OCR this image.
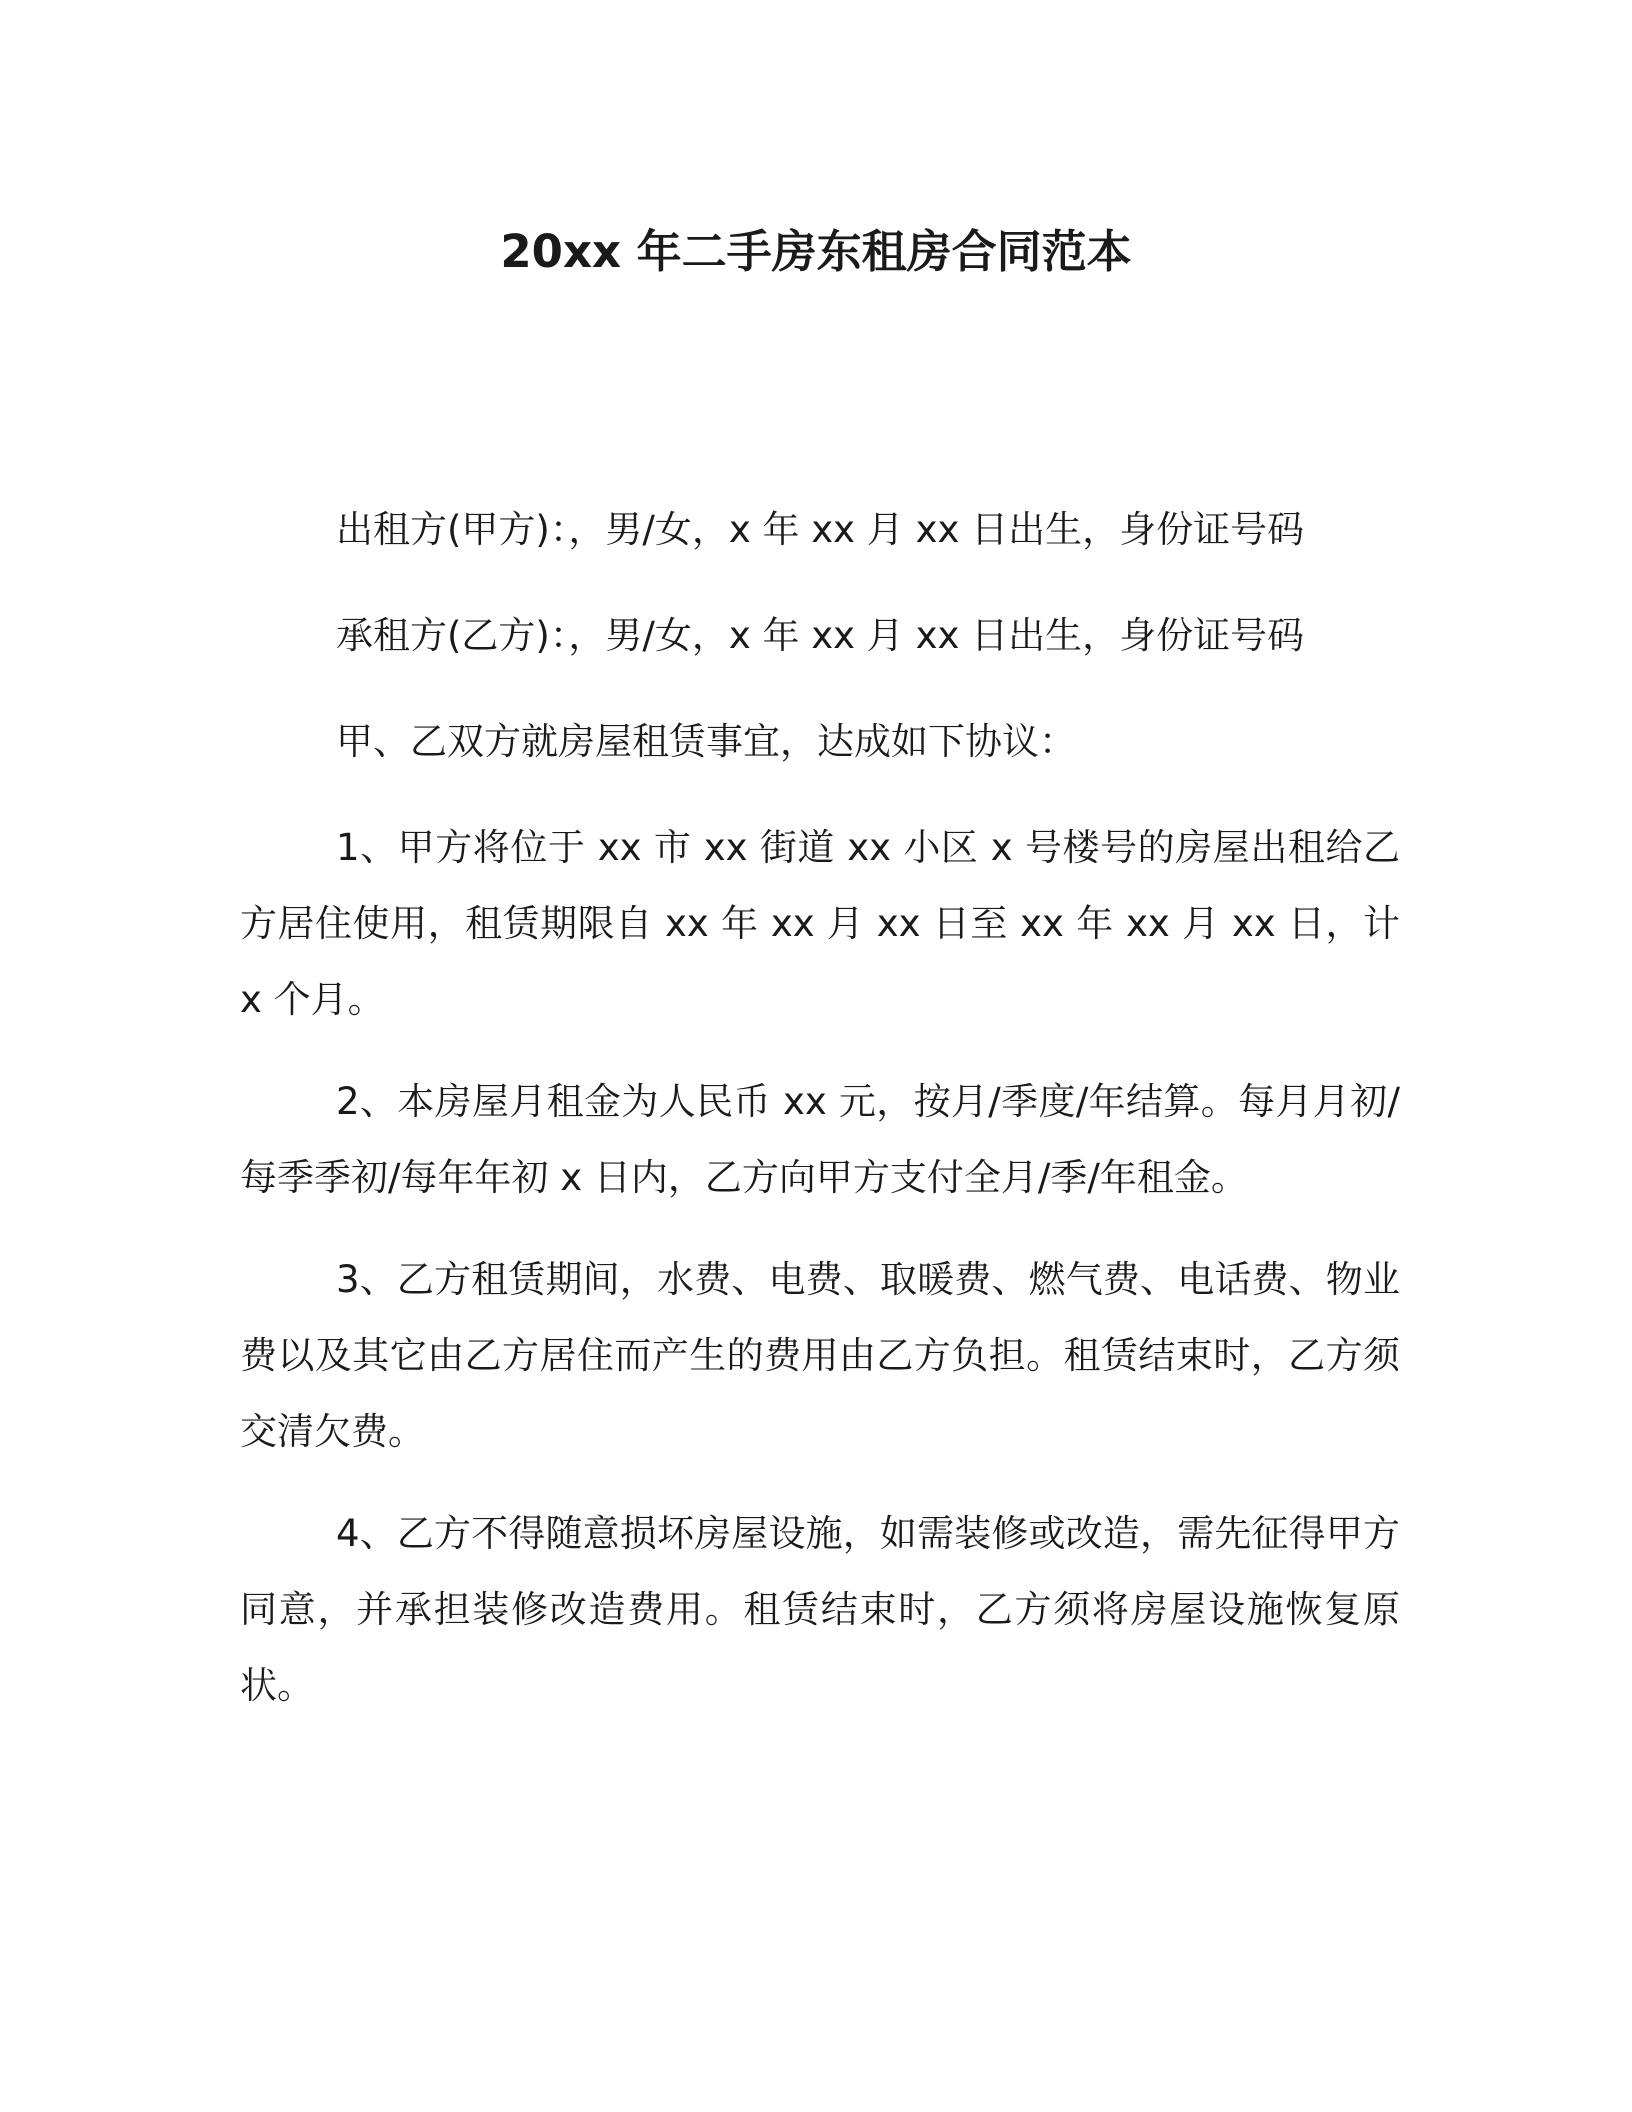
20xx 年二手房东租房合同范本

出租方(甲方)：，男/女，x 年 xx 月 xx 日出生，身份证号码

承租方(乙方)：，男/女，x 年 xx 月 xx 日出生，身份证号码

甲、乙双方就房屋租赁事宜，达成如下协议：

1、甲方将位于 xx 市 xx 街道 xx 小区 x 号楼号的房屋出租给乙方居住使用，租赁期限自 xx 年 xx 月 xx 日至 xx 年 xx 月 xx 日，计 x 个月。

2、本房屋月租金为人民币 xx 元，按月/季度/年结算。每月月初/每季季初/每年年初 x 日内，乙方向甲方支付全月/季/年租金。

3、乙方租赁期间，水费、电费、取暖费、燃气费、电话费、物业费以及其它由乙方居住而产生的费用由乙方负担。租赁结束时，乙方须交清欠费。

4、乙方不得随意损坏房屋设施，如需装修或改造，需先征得甲方同意，并承担装修改造费用。租赁结束时，乙方须将房屋设施恢复原状。
